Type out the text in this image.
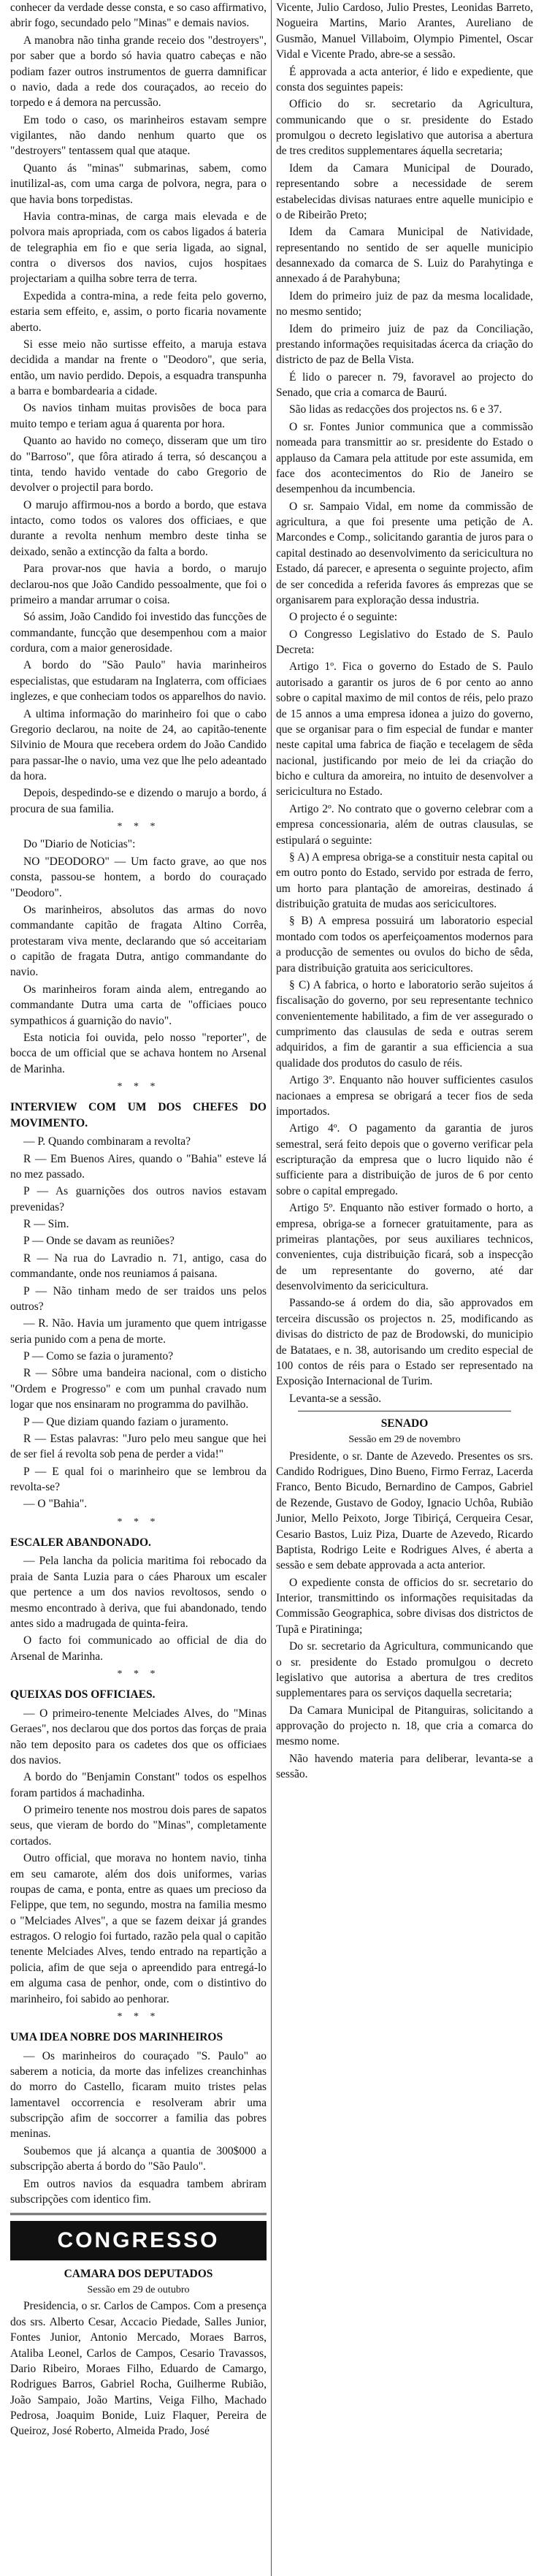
conhecer da verdade desse consta, e so caso affirmativo, abrir fogo, secundado pelo "Minas" e demais navios.

A manobra não tinha grande receio dos "destroyers", por saber que a bordo só havia quatro cabeças e não podiam fazer outros instrumentos de guerra damnificar o navio, dada a rede dos couraçados, ao receio do torpedo e á demora na percussão.

Em todo o caso, os marinheiros estavam sempre vigilantes, não dando nenhum quarto que os "destroyers" tentassem qual que ataque.

Quanto ás "minas" submarinas, sabem, como inutilizal-as, com uma carga de polvora, negra, para o que havia bons torpedistas.

Havia contra-minas, de carga mais elevada e de polvora mais apropriada, com os cabos ligados á bateria de telegraphia em fio e que seria ligada, ao signal, contra o diversos dos navios, cujos hospitaes projectariam a quilha sobre terra de terra.

Expedida a contra-mina, a rede feita pelo governo, estaria sem effeito, e, assim, o porto ficaria novamente aberto.

Si esse meio não surtisse effeito, a maruja estava decidida a mandar na frente o "Deodoro", que seria, então, um navio perdido. Depois, a esquadra transpunha a barra e bombardearia a cidade.

Os navios tinham muitas provisões de boca para muito tempo e teriam agua á quarenta por hora.

Quanto ao havido no começo, disseram que um tiro do "Barroso", que fôra atirado á terra, só descançou a tinta, tendo havido ventade do cabo Gregorio de devolver o projectil para bordo.

O marujo affirmou-nos a bordo a bordo, que estava intacto, como todos os valores dos officiaes, e que durante a revolta nenhum membro deste tinha se deixado, senão a extincção da falta a bordo.

Para provar-nos que havia a bordo, o marujo declarou-nos que João Candido pessoalmente, que foi o primeiro a mandar arrumar o coisa.

Só assim, João Candido foi investido das funcções de commandante, funcção que desempenhou com a maior cordura, com a maior generosidade.

A bordo do "São Paulo" havia marinheiros especialistas, que estudaram na Inglaterra, com officiaes inglezes, e que conheciam todos os apparelhos do navio.

A ultima informação do marinheiro foi que o cabo Gregorio declarou, na noite de 24, ao capitão-tenente Silvinio de Moura que recebera ordem do João Candido para passar-lhe o navio, uma vez que lhe pelo adeantado da hora.

Depois, despedindo-se e dizendo o marujo a bordo, á procura de sua familia.

* * *

Do "Diario de Noticias":

NO "DEODORO" — Um facto grave, ao que nos consta, passou-se hontem, a bordo do couraçado "Deodoro".

Os marinheiros, absolutos das armas do novo commandante capitão de fragata Altino Corrêa, protestaram viva mente, declarando que só acceitariam o capitão de fragata Dutra, antigo commandante do navio.

Os marinheiros foram ainda alem, entregando ao commandante Dutra uma carta de "officiaes pouco sympathicos á guarnição do navio".

Esta noticia foi ouvida, pelo nosso "reporter", de bocca de um official que se achava hontem no Arsenal de Marinha.

* * *

INTERVIEW COM UM DOS CHEFES DO MOVIMENTO.

— P. Quando combinaram a revolta?

R — Em Buenos Aires, quando o "Bahia" esteve lá no mez passado.

P — As guarnições dos outros navios estavam prevenidas?

R — Sim.

P — Onde se davam as reuniões?

R — Na rua do Lavradio n. 71, antigo, casa do commandante, onde nos reuniamos á paisana.

P — Não tinham medo de ser traidos uns pelos outros?

— R. Não. Havia um juramento que quem intrigasse seria punido com a pena de morte.

P — Como se fazia o juramento?

R — Sôbre uma bandeira nacional, com o disticho "Ordem e Progresso" e com um punhal cravado num logar que nos ensinaram no programma do pavilhão.

P — Que diziam quando faziam o juramento.

R — Estas palavras: "Juro pelo meu sangue que hei de ser fiel á revolta sob pena de perder a vida!"

P — E qual foi o marinheiro que se lembrou da revolta-se?

— O "Bahia".

* * *

ESCALER ABANDONADO.

— Pela lancha da policia maritima foi rebocado da praia de Santa Luzia para o cáes Pharoux um escaler que pertence a um dos navios revoltosos, sendo o mesmo encontrado à deriva, que fui abandonado, tendo antes sido a madrugada de quinta-feira.

O facto foi communicado ao official de dia do Arsenal de Marinha.

* * *

QUEIXAS DOS OFFICIAES.

— O primeiro-tenente Melciades Alves, do "Minas Geraes", nos declarou que dos portos das forças de praia não tem deposito para os cadetes dos que os officiaes dos navios.

A bordo do "Benjamin Constant" todos os espelhos foram partidos á machadinha.

O primeiro tenente nos mostrou dois pares de sapatos seus, que vieram de bordo do "Minas", completamente cortados.

Outro official, que morava no hontem navio, tinha em seu camarote, além dos dois uniformes, varias roupas de cama, e ponta, entre as quaes um precioso da Felippe, que tem, no segundo, mostra na familia mesmo o "Melciades Alves", a que se fazem deixar já grandes estragos. O relogio foi furtado, razão pela qual o capitão tenente Melciades Alves, tendo entrado na repartição a policia, afim de que seja o apreendido para entregá-lo em alguma casa de penhor, onde, com o distintivo do marinheiro, foi sabido ao penhorar.

* * *

UMA IDEA NOBRE DOS MARINHEIROS

— Os marinheiros do couraçado "S. Paulo" ao saberem a noticia, da morte das infelizes creanchinhas do morro do Castello, ficaram muito tristes pelas lamentavel occorrencia e resolveram abrir uma subscripção afim de soccorrer a familia das pobres meninas.

Soubemos que já alcança a quantia de 300$000 a subscripção aberta á bordo do "São Paulo".

Em outros navios da esquadra tambem abriram subscripções com identico fim.

CONGRESSO

CAMARA DOS DEPUTADOS

Sessão em 29 de outubro

Presidencia, o sr. Carlos de Campos. Com a presença dos srs. Alberto Cesar, Accacio Piedade, Salles Junior, Fontes Junior, Antonio Mercado, Moraes Barros, Ataliba Leonel, Carlos de Campos, Cesario Travassos, Dario Ribeiro, Moraes Filho, Eduardo de Camargo, Rodrigues Barros, Gabriel Rocha, Guilherme Rubião, João Sampaio, João Martins, Veiga Filho, Machado Pedrosa, Joaquim Bonide, Luiz Flaquer, Pereira de Queiroz, José Roberto, Almeida Prado, José

Vicente, Julio Cardoso, Julio Prestes, Leonidas Barreto, Nogueira Martins, Mario Arantes, Aureliano de Gusmão, Manuel Villaboim, Olympio Pimentel, Oscar Vidal e Vicente Prado, abre-se a sessão.

É approvada a acta anterior, é lido e expediente, que consta dos seguintes papeis:

Officio do sr. secretario da Agricultura, communicando que o sr. presidente do Estado promulgou o decreto legislativo que autorisa a abertura de tres creditos supplementares áquella secretaria;

Idem da Camara Municipal de Dourado, representando sobre a necessidade de serem estabelecidas divisas naturaes entre aquelle municipio e o de Ribeirão Preto;

Idem da Camara Municipal de Natividade, representando no sentido de ser aquelle municipio desannexado da comarca de S. Luiz do Parahytinga e annexado á de Parahybuna;

Idem do primeiro juiz de paz da mesma localidade, no mesmo sentido;

Idem do primeiro juiz de paz da Conciliação, prestando informações requisitadas ácerca da criação do districto de paz de Bella Vista.

É lido o parecer n. 79, favoravel ao projecto do Senado, que cria a comarca de Baurú.

São lidas as redacções dos projectos ns. 6 e 37.

O sr. Fontes Junior communica que a commissão nomeada para transmittir ao sr. presidente do Estado o applauso da Camara pela attitude por este assumida, em face dos acontecimentos do Rio de Janeiro se desempenhou da incumbencia.

O sr. Sampaio Vidal, em nome da commissão de agricultura, a que foi presente uma petição de A. Marcondes e Comp., solicitando garantia de juros para o capital destinado ao desenvolvimento da sericicultura no Estado, dá parecer, e apresenta o seguinte projecto, afim de ser concedida a referida favores ás emprezas que se organisarem para exploração dessa industria.

O projecto é o seguinte:

O Congresso Legislativo do Estado de S. Paulo Decreta:

Artigo 1º. Fica o governo do Estado de S. Paulo autorisado a garantir os juros de 6 por cento ao anno sobre o capital maximo de mil contos de réis, pelo prazo de 15 annos a uma empresa idonea a juizo do governo, que se organisar para o fim especial de fundar e manter neste capital uma fabrica de fiação e tecelagem de sêda nacional, justificando por meio de lei da criação do bicho e cultura da amoreira, no intuito de desenvolver a sericicultura no Estado.

Artigo 2º. No contrato que o governo celebrar com a empresa concessionaria, além de outras clausulas, se estipulará o seguinte:

§ A) A empresa obriga-se a constituir nesta capital ou em outro ponto do Estado, servido por estrada de ferro, um horto para plantação de amoreiras, destinado á distribuição gratuita de mudas aos sericicultores.

§ B) A empresa possuirá um laboratorio especial montado com todos os aperfeiçoamentos modernos para a producção de sementes ou ovulos do bicho de sêda, para distribuição gratuita aos sericicultores.

§ C) A fabrica, o horto e laboratorio serão sujeitos á fiscalisação do governo, por seu representante technico convenientemente habilitado, a fim de ver assegurado o cumprimento das clausulas de seda e outras serem adquiridos, a fim de garantir a sua efficiencia a sua qualidade dos produtos do casulo de réis.

Artigo 3º. Enquanto não houver sufficientes casulos nacionaes a empresa se obrigará a tecer fios de seda importados.

Artigo 4º. O pagamento da garantia de juros semestral, será feito depois que o governo verificar pela escripturação da empresa que o lucro liquido não é sufficiente para a distribuição de juros de 6 por cento sobre o capital empregado.

Artigo 5º. Enquanto não estiver formado o horto, a empresa, obriga-se a fornecer gratuitamente, para as primeiras plantações, por seus auxiliares technicos, convenientes, cuja distribuição ficará, sob a inspecção de um representante do governo, até dar desenvolvimento da sericicultura.

Passando-se á ordem do dia, são approvados em terceira discussão os projectos n. 25, modificando as divisas do districto de paz de Brodowski, do municipio de Batataes, e n. 38, autorisando um credito especial de 100 contos de réis para o Estado ser representado na Exposição Internacional de Turim.

Levanta-se a sessão.

SENADO

Sessão em 29 de novembro

Presidente, o sr. Dante de Azevedo. Presentes os srs. Candido Rodrigues, Dino Bueno, Firmo Ferraz, Lacerda Franco, Bento Bicudo, Bernardino de Campos, Gabriel de Rezende, Gustavo de Godoy, Ignacio Uchôa, Rubião Junior, Mello Peixoto, Jorge Tibiriçá, Cerqueira Cesar, Cesario Bastos, Luiz Piza, Duarte de Azevedo, Ricardo Baptista, Rodrigo Leite e Rodrigues Alves, é aberta a sessão e sem debate approvada a acta anterior.

O expediente consta de officios do sr. secretario do Interior, transmittindo os informações requisitadas da Commissão Geographica, sobre divisas dos districtos de Tupã e Piratininga;

Do sr. secretario da Agricultura, communicando que o sr. presidente do Estado promulgou o decreto legislativo que autorisa a abertura de tres creditos supplementares para os serviços daquella secretaria;

Da Camara Municipal de Pitanguiras, solicitando a approvação do projecto n. 18, que cria a comarca do mesmo nome.

Não havendo materia para deliberar, levanta-se a sessão.
